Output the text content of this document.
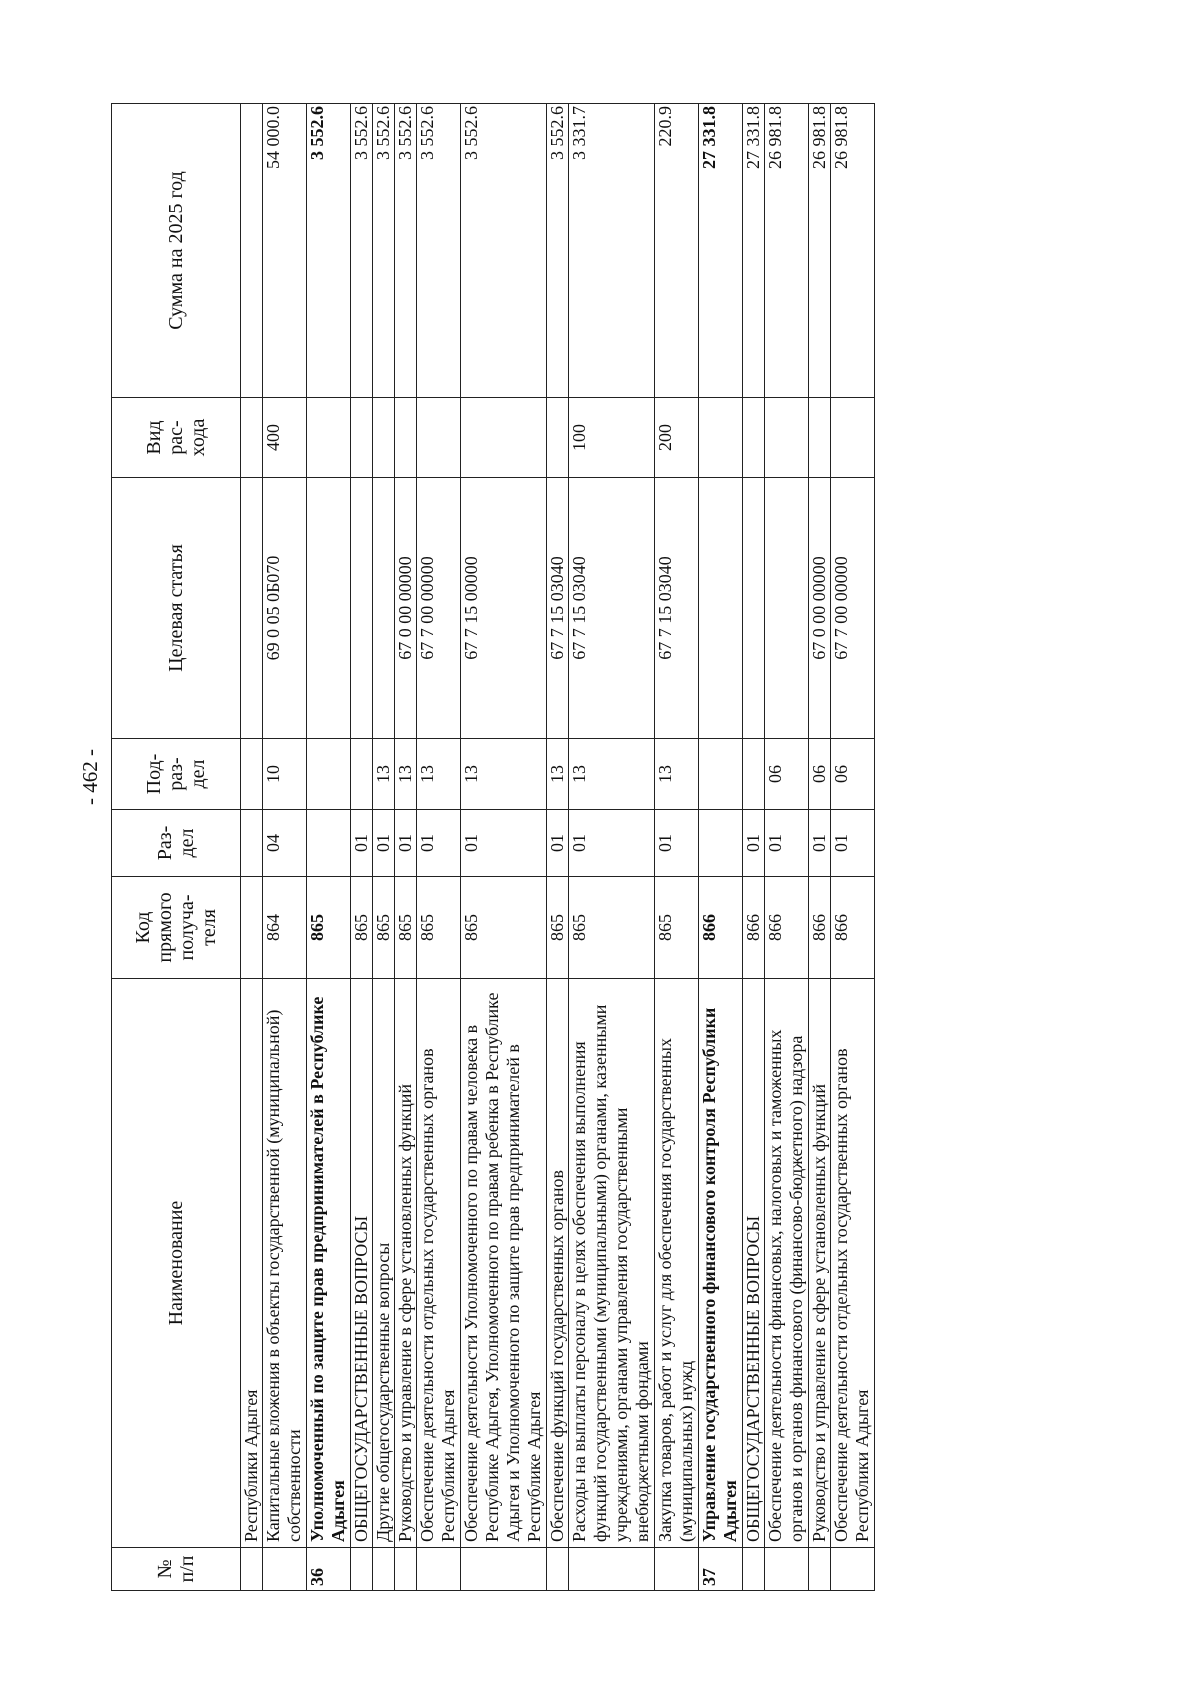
- 462 -
№ п/п	Наименование	Код прямого получа-теля	Раз-дел	Под-раз-дел	Целевая статья	Вид рас-хода	Сумма на 2025 год
	Республики Адыгея						
	Капитальные вложения в объекты государственной (муниципальной) собственности	864	04	10	69 0 05 0Б070	400	54 000.0
36	Уполномоченный по защите прав предпринимателей в Республике Адыгея	865					3 552.6
	ОБЩЕГОСУДАРСТВЕННЫЕ ВОПРОСЫ	865	01				3 552.6
	Другие общегосударственные вопросы	865	01	13			3 552.6
	Руководство и управление в сфере установленных функций	865	01	13	67 0 00 00000		3 552.6
	Обеспечение деятельности отдельных государственных органов Республики Адыгея	865	01	13	67 7 00 00000		3 552.6
	Обеспечение деятельности Уполномоченного по правам человека в Республике Адыгея, Уполномоченного по правам ребенка в Республике Адыгея и Уполномоченного по защите прав предпринимателей в Республике Адыгея	865	01	13	67 7 15 00000		3 552.6
	Обеспечение функций государственных органов	865	01	13	67 7 15 03040		3 552.6
	Расходы на выплаты персоналу в целях обеспечения выполнения функций государственными (муниципальными) органами, казенными учреждениями, органами управления государственными внебюджетными фондами	865	01	13	67 7 15 03040	100	3 331.7
	Закупка товаров, работ и услуг для обеспечения государственных (муниципальных) нужд	865	01	13	67 7 15 03040	200	220.9
37	Управление государственного финансового контроля Республики Адыгея	866					27 331.8
	ОБЩЕГОСУДАРСТВЕННЫЕ ВОПРОСЫ	866	01				27 331.8
	Обеспечение деятельности финансовых, налоговых и таможенных органов и органов финансового (финансово-бюджетного) надзора	866	01	06			26 981.8
	Руководство и управление в сфере установленных функций	866	01	06	67 0 00 00000		26 981.8
	Обеспечение деятельности отдельных государственных органов Республики Адыгея	866	01	06	67 7 00 00000		26 981.8
